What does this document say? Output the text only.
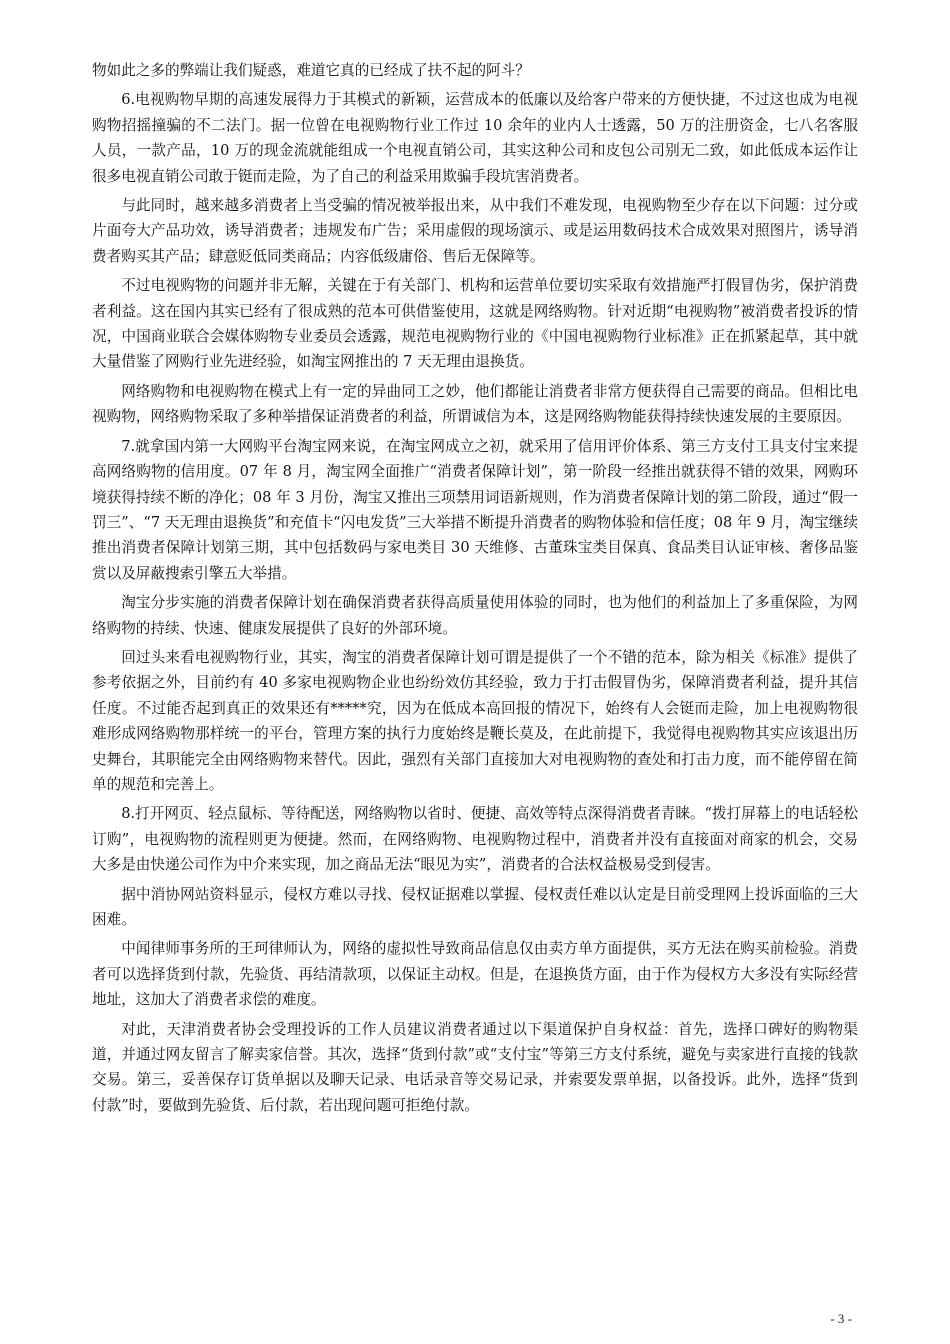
物如此之多的弊端让我们疑惑，难道它真的已经成了扶不起的阿斗？

6.电视购物早期的高速发展得力于其模式的新颖，运营成本的低廉以及给客户带来的方便快捷，不过这也成为电视购物招摇撞骗的不二法门。据一位曾在电视购物行业工作过 10 余年的业内人士透露，50 万的注册资金，七八名客服人员，一款产品，10 万的现金流就能组成一个电视直销公司，其实这种公司和皮包公司别无二致，如此低成本运作让很多电视直销公司敢于铤而走险，为了自己的利益采用欺骗手段坑害消费者。

与此同时，越来越多消费者上当受骗的情况被举报出来，从中我们不难发现，电视购物至少存在以下问题：过分或片面夸大产品功效，诱导消费者；违规发布广告；采用虚假的现场演示、或是运用数码技术合成效果对照图片，诱导消费者购买其产品；肆意贬低同类商品；内容低级庸俗、售后无保障等。

不过电视购物的问题并非无解，关键在于有关部门、机构和运营单位要切实采取有效措施严打假冒伪劣，保护消费者利益。这在国内其实已经有了很成熟的范本可供借鉴使用，这就是网络购物。针对近期“电视购物”被消费者投诉的情况，中国商业联合会媒体购物专业委员会透露，规范电视购物行业的《中国电视购物行业标准》正在抓紧起草，其中就大量借鉴了网购行业先进经验，如淘宝网推出的 7 天无理由退换货。

网络购物和电视购物在模式上有一定的异曲同工之妙，他们都能让消费者非常方便获得自己需要的商品。但相比电视购物，网络购物采取了多种举措保证消费者的利益，所谓诚信为本，这是网络购物能获得持续快速发展的主要原因。

7.就拿国内第一大网购平台淘宝网来说，在淘宝网成立之初，就采用了信用评价体系、第三方支付工具支付宝来提高网络购物的信用度。07 年 8 月，淘宝网全面推广“消费者保障计划”，第一阶段一经推出就获得不错的效果，网购环境获得持续不断的净化；08 年 3 月份，淘宝又推出三项禁用词语新规则，作为消费者保障计划的第二阶段，通过“假一罚三”、“7 天无理由退换货”和充值卡“闪电发货”三大举措不断提升消费者的购物体验和信任度；08 年 9 月，淘宝继续推出消费者保障计划第三期，其中包括数码与家电类目 30 天维修、古董珠宝类目保真、食品类目认证审核、奢侈品鉴赏以及屏蔽搜索引擎五大举措。

淘宝分步实施的消费者保障计划在确保消费者获得高质量使用体验的同时，也为他们的利益加上了多重保险，为网络购物的持续、快速、健康发展提供了良好的外部环境。

回过头来看电视购物行业，其实，淘宝的消费者保障计划可谓是提供了一个不错的范本，除为相关《标准》提供了参考依据之外，目前约有 40 多家电视购物企业也纷纷效仿其经验，致力于打击假冒伪劣，保障消费者利益，提升其信任度。不过能否起到真正的效果还有*****究，因为在低成本高回报的情况下，始终有人会铤而走险，加上电视购物很难形成网络购物那样统一的平台，管理方案的执行力度始终是鞭长莫及，在此前提下，我觉得电视购物其实应该退出历史舞台，其职能完全由网络购物来替代。因此，强烈有关部门直接加大对电视购物的查处和打击力度，而不能停留在简单的规范和完善上。

8.打开网页、轻点鼠标、等待配送，网络购物以省时、便捷、高效等特点深得消费者青睐。“拨打屏幕上的电话轻松订购”，电视购物的流程则更为便捷。然而，在网络购物、电视购物过程中，消费者并没有直接面对商家的机会，交易大多是由快递公司作为中介来实现，加之商品无法“眼见为实”，消费者的合法权益极易受到侵害。

据中消协网站资料显示，侵权方难以寻找、侵权证据难以掌握、侵权责任难以认定是目前受理网上投诉面临的三大困难。

中闻律师事务所的王珂律师认为，网络的虚拟性导致商品信息仅由卖方单方面提供，买方无法在购买前检验。消费者可以选择货到付款，先验货、再结清款项，以保证主动权。但是，在退换货方面，由于作为侵权方大多没有实际经营地址，这加大了消费者求偿的难度。

对此，天津消费者协会受理投诉的工作人员建议消费者通过以下渠道保护自身权益：首先，选择口碑好的购物渠道，并通过网友留言了解卖家信誉。其次，选择“货到付款”或“支付宝”等第三方支付系统，避免与卖家进行直接的钱款交易。第三，妥善保存订货单据以及聊天记录、电话录音等交易记录，并索要发票单据，以备投诉。此外，选择“货到付款”时，要做到先验货、后付款，若出现问题可拒绝付款。

- 3 -
